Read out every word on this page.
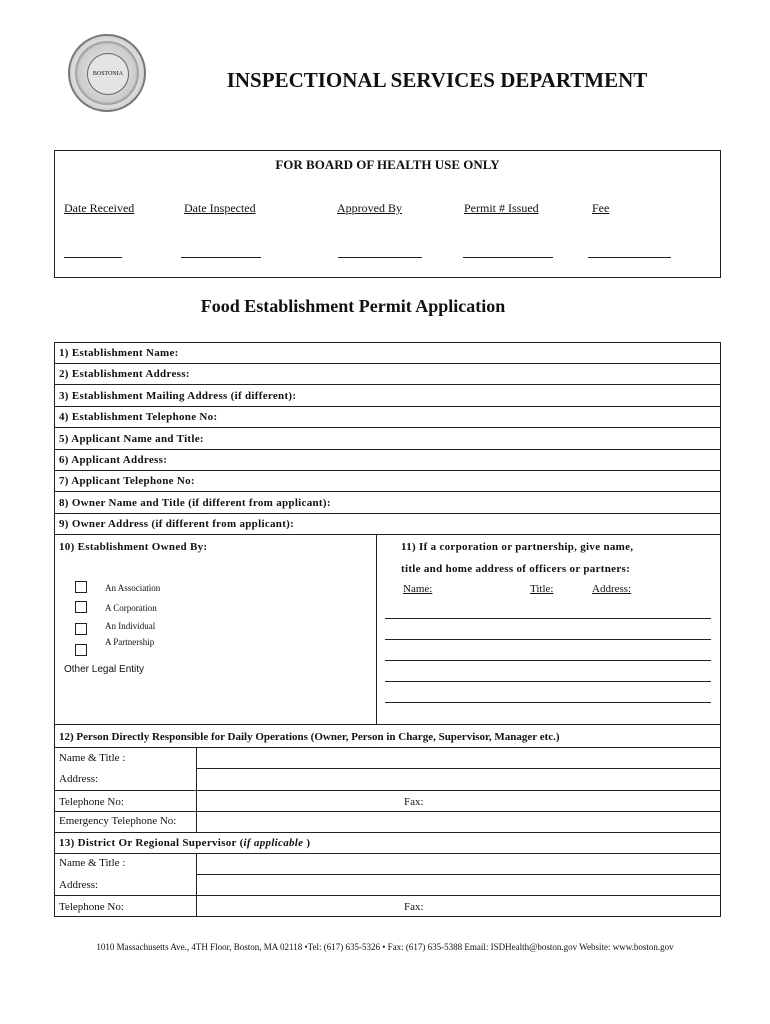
BOSTONIA	INSPECTIONAL SERVICES DEPARTMENT
FOR BOARD OF HEALTH USE ONLY
Date Received	Date Inspected	Approved By	Permit # Issued	Fee
Food Establishment Permit Application
1) Establishment Name:
2) Establishment Address:
3) Establishment Mailing Address (if different):
4) Establishment Telephone No:
5) Applicant Name and Title:
6) Applicant Address:
7) Applicant Telephone No:
8) Owner Name and Title (if different from applicant):
9) Owner Address (if different from applicant):
10) Establishment Owned By:
An Association
A Corporation
An Individual
A Partnership
Other Legal Entity
11) If a corporation or partnership, give name,
title and home address of officers or partners:
Name:	Title:	Address:
12) Person Directly Responsible for Daily Operations (Owner, Person in Charge, Supervisor, Manager etc.)
Name & Title :
Address:
Telephone No:	Fax:
Emergency Telephone No:
13) District Or Regional Supervisor (if applicable )
Name & Title :
Address:
Telephone No:	Fax:
1010 Massachusetts Ave., 4TH Floor, Boston, MA 02118 •Tel: (617) 635-5326 • Fax: (617) 635-5388 Email: ISDHealth@boston.gov Website: www.boston.gov
